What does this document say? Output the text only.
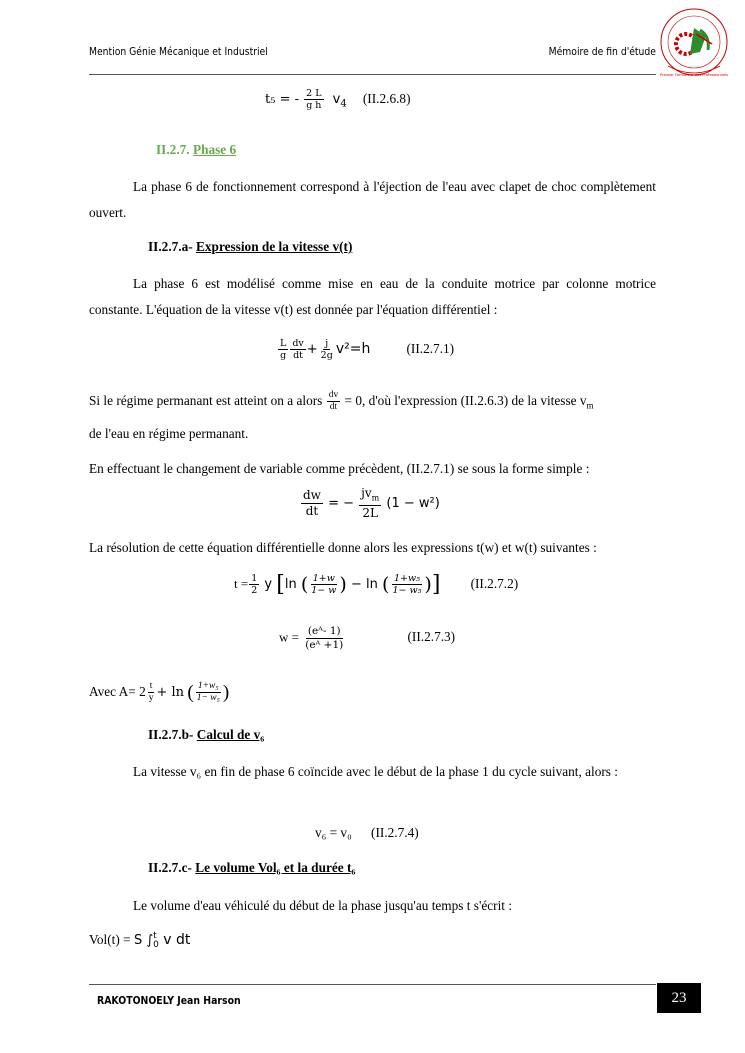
Mention Génie Mécanique et Industriel	Mémoire de fin d'étude
Premier Formateur des Professionnels
t₅ = - $\frac{2 L}{\text{g h}} v_4$ (II.2.6.8)
II.2.7. Phase 6
La phase 6 de fonctionnement correspond à l'éjection de l'eau avec clapet de choc complètement ouvert.
II.2.7.a- Expression de la vitesse v(t)
La phase 6 est modélisé comme mise en eau de la conduite motrice par colonne motrice constante. L'équation de la vitesse v(t) est donnée par l'équation différentiel :
$\frac{L}{g} \frac{dv}{dt} + \frac{j}{2g} v^2=h$	(II.2.7.1)
Si le régime permanant est atteint on a alors $\frac{dv}{dt} = 0$, d'où l'expression (II.2.6.3) de la vitesse $v_m$
de l'eau en régime permanant.
En effectuant le changement de variable comme précèdent, (II.2.7.1) se sous la forme simple :
$\frac{dw}{dt}$ = − $\frac{jv_m}{2L} (1 - w^2)$
La résolution de cette équation différentielle donne alors les expressions t(w) et w(t) suivantes :
$t = \frac{1}{2}$ y [ln ( $\frac{1+w}{1- w}$ ) − ln ( $\frac{\text{1+w₅}}{\text{1− w₅}}$ )] (II.2.7.2)
$w = \frac{\text{(eᴬ- 1)}}{\text{(eᴬ +1)}}$	(II.2.7.3)
Avec $A= 2 \frac{t}{y} + \ln$ ( $\frac{\text{1+w₅}}{\text{1− w₅}}$ )
II.2.7.b- Calcul de v₆
La vitesse v₆ en fin de phase 6 coïncide avec le début de la phase 1 du cycle suivant, alors :
v₆ = v₀ (II.2.7.4)
II.2.7.c- Le volume Vol₆ et la durée t₆
Le volume d'eau véhiculé du début de la phase jusqu'au temps t s'écrit :
Vol(t) = S ∫ t
0 v dt
RAKOTONOELY Jean Harson	23
